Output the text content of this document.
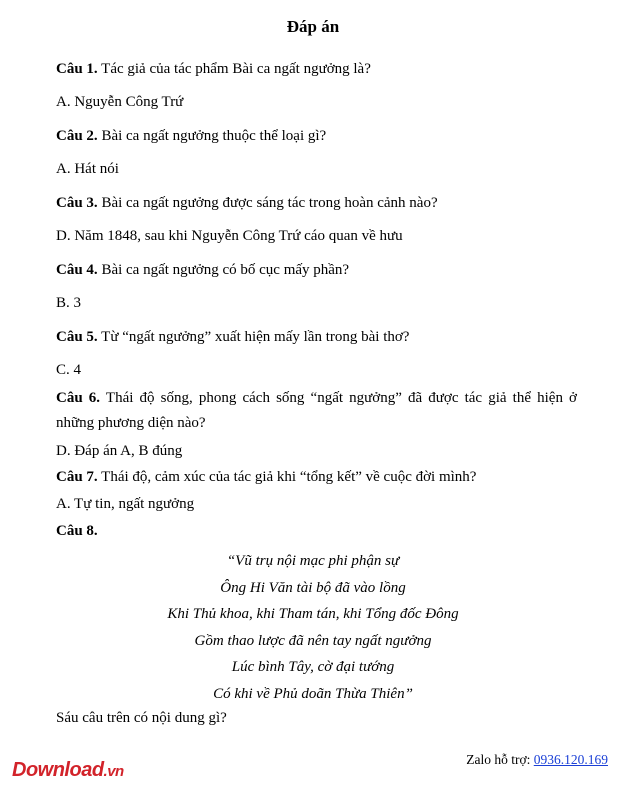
Đáp án
Câu 1. Tác giả của tác phẩm Bài ca ngất ngưởng là?
A. Nguyễn Công Trứ
Câu 2. Bài ca ngất ngưởng thuộc thể loại gì?
A. Hát nói
Câu 3. Bài ca ngất ngưởng được sáng tác trong hoàn cảnh nào?
D. Năm 1848, sau khi Nguyễn Công Trứ cáo quan về hưu
Câu 4. Bài ca ngất ngưởng có bố cục mấy phần?
B. 3
Câu 5. Từ “ngất ngưởng” xuất hiện mấy lần trong bài thơ?
C. 4
Câu 6. Thái độ sống, phong cách sống “ngất ngưởng” đã được tác giả thể hiện ở những phương diện nào?
D. Đáp án A, B đúng
Câu 7. Thái độ, cảm xúc của tác giả khi “tổng kết” về cuộc đời mình?
A. Tự tin, ngất ngưởng
Câu 8.
“Vũ trụ nội mạc phi phận sự
Ông Hi Văn tài bộ đã vào lồng
Khi Thủ khoa, khi Tham tán, khi Tổng đốc Đông
Gồm thao lược đã nên tay ngất ngưởng
Lúc bình Tây, cờ đại tướng
Có khi về Phủ doãn Thừa Thiên”
Sáu câu trên có nội dung gì?
Zalo hỗ trợ: 0936.120.169
Download.vn
